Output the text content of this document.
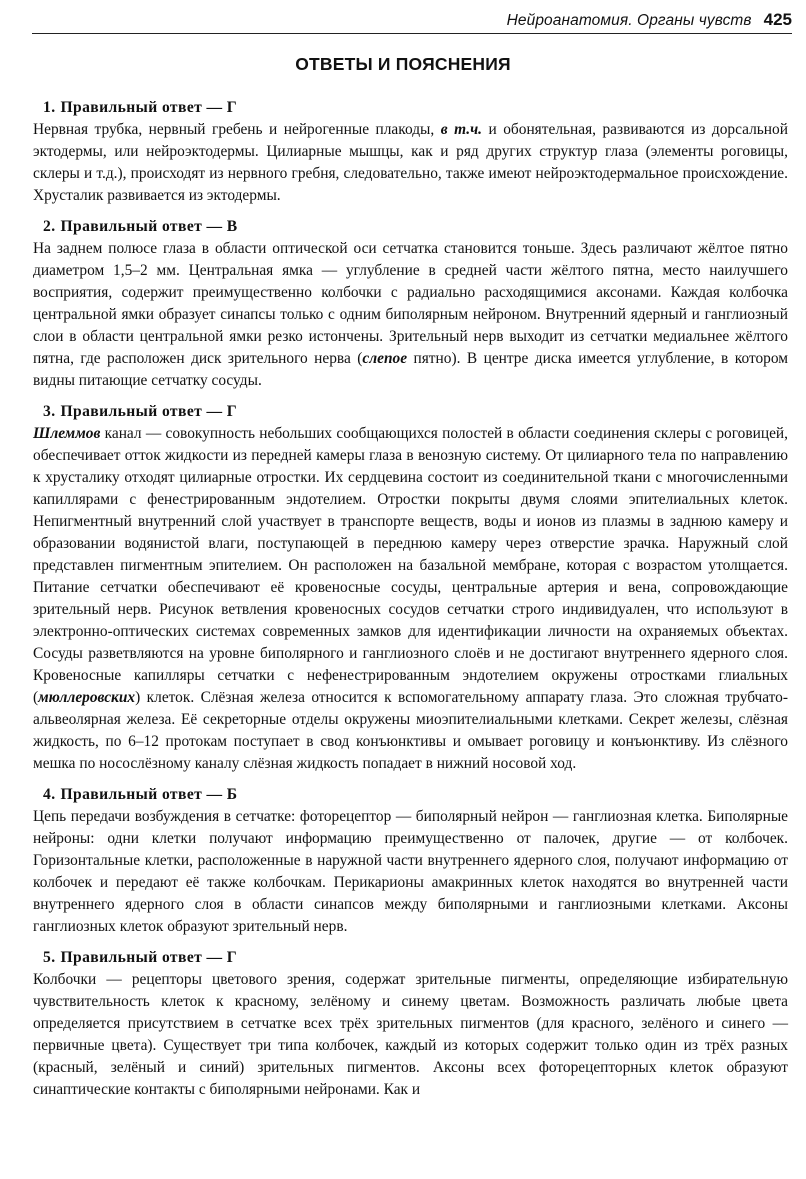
Нейроанатомия. Органы чувств 425
ОТВЕТЫ И ПОЯСНЕНИЯ
1. Правильный ответ — Г

Нервная трубка, нервный гребень и нейрогенные плакоды, в т.ч. и обонятельная, развиваются из дорсальной эктодермы, или нейроэктодермы. Цилиарные мышцы, как и ряд других структур глаза (элементы роговицы, склеры и т.д.), происходят из нервного гребня, следовательно, также имеют нейроэктодермальное происхождение. Хрусталик развивается из эктодермы.

2. Правильный ответ — В

На заднем полюсе глаза в области оптической оси сетчатка становится тоньше. Здесь различают жёлтое пятно диаметром 1,5–2 мм. Центральная ямка — углубление в средней части жёлтого пятна, место наилучшего восприятия, содержит преимущественно колбочки с радиально расходящимися аксонами. Каждая колбочка центральной ямки образует синапсы только с одним биполярным нейроном. Внутренний ядерный и ганглиозный слои в области центральной ямки резко истончены. Зрительный нерв выходит из сетчатки медиальнее жёлтого пятна, где расположен диск зрительного нерва (слепое пятно). В центре диска имеется углубление, в котором видны питающие сетчатку сосуды.

3. Правильный ответ — Г

Шлеммов канал — совокупность небольших сообщающихся полостей в области соединения склеры с роговицей, обеспечивает отток жидкости из передней камеры глаза в венозную систему. От цилиарного тела по направлению к хрусталику отходят цилиарные отростки. Их сердцевина состоит из соединительной ткани с многочисленными капиллярами с фенестрированным эндотелием. Отростки покрыты двумя слоями эпителиальных клеток. Непигментный внутренний слой участвует в транспорте веществ, воды и ионов из плазмы в заднюю камеру и образовании водянистой влаги, поступающей в переднюю камеру через отверстие зрачка. Наружный слой представлен пигментным эпителием. Он расположен на базальной мембране, которая с возрастом утолщается. Питание сетчатки обеспечивают её кровеносные сосуды, центральные артерия и вена, сопровождающие зрительный нерв. Рисунок ветвления кровеносных сосудов сетчатки строго индивидуален, что используют в электронно-оптических системах современных замков для идентификации личности на охраняемых объектах. Сосуды разветвляются на уровне биполярного и ганглиозного слоёв и не достигают внутреннего ядерного слоя. Кровеносные капилляры сетчатки с нефенестрированным эндотелием окружены отростками глиальных (мюллеровских) клеток. Слёзная железа относится к вспомогательному аппарату глаза. Это сложная трубчато-альвеолярная железа. Её секреторные отделы окружены миоэпителиальными клетками. Секрет железы, слёзная жидкость, по 6–12 протокам поступает в свод конъюнктивы и омывает роговицу и конъюнктиву. Из слёзного мешка по носослёзному каналу слёзная жидкость попадает в нижний носовой ход.

4. Правильный ответ — Б

Цепь передачи возбуждения в сетчатке: фоторецептор — биполярный нейрон — ганглиозная клетка. Биполярные нейроны: одни клетки получают информацию преимущественно от палочек, другие — от колбочек. Горизонтальные клетки, расположенные в наружной части внутреннего ядерного слоя, получают информацию от колбочек и передают её также колбочкам. Перикарионы амакринных клеток находятся во внутренней части внутреннего ядерного слоя в области синапсов между биполярными и ганглиозными клетками. Аксоны ганглиозных клеток образуют зрительный нерв.

5. Правильный ответ — Г

Колбочки — рецепторы цветового зрения, содержат зрительные пигменты, определяющие избирательную чувствительность клеток к красному, зелёному и синему цветам. Возможность различать любые цвета определяется присутствием в сетчатке всех трёх зрительных пигментов (для красного, зелёного и синего — первичные цвета). Существует три типа колбочек, каждый из которых содержит только один из трёх разных (красный, зелёный и синий) зрительных пигментов. Аксоны всех фоторецепторных клеток образуют синаптические контакты с биполярными нейронами. Как и
